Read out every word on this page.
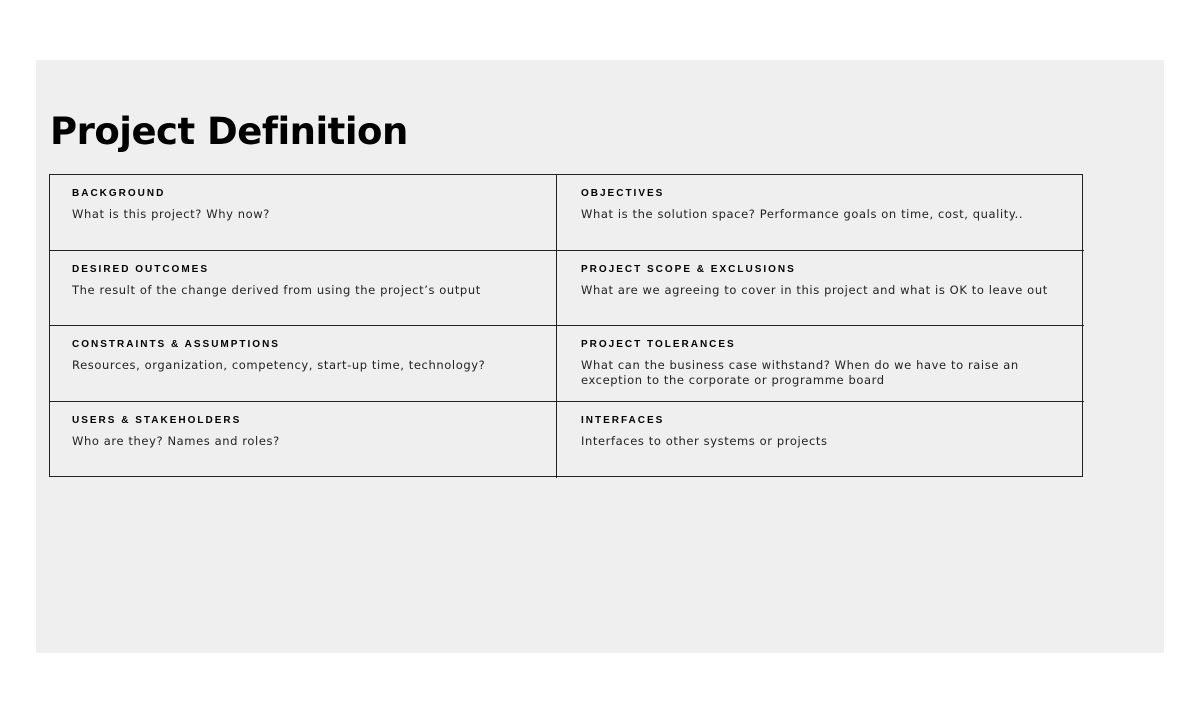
Project Definition
BACKGROUND
What is this project? Why now?
OBJECTIVES
What is the solution space? Performance goals on time, cost, quality..
DESIRED OUTCOMES
The result of the change derived from using the project’s output
PROJECT SCOPE & EXCLUSIONS
What are we agreeing to cover in this project and what is OK to leave out
CONSTRAINTS & ASSUMPTIONS
Resources, organization, competency, start-up time, technology?
PROJECT TOLERANCES
What can the business case withstand? When do we have to raise an exception to the corporate or programme board
USERS & STAKEHOLDERS
Who are they? Names and roles?
INTERFACES
Interfaces to other systems or projects
